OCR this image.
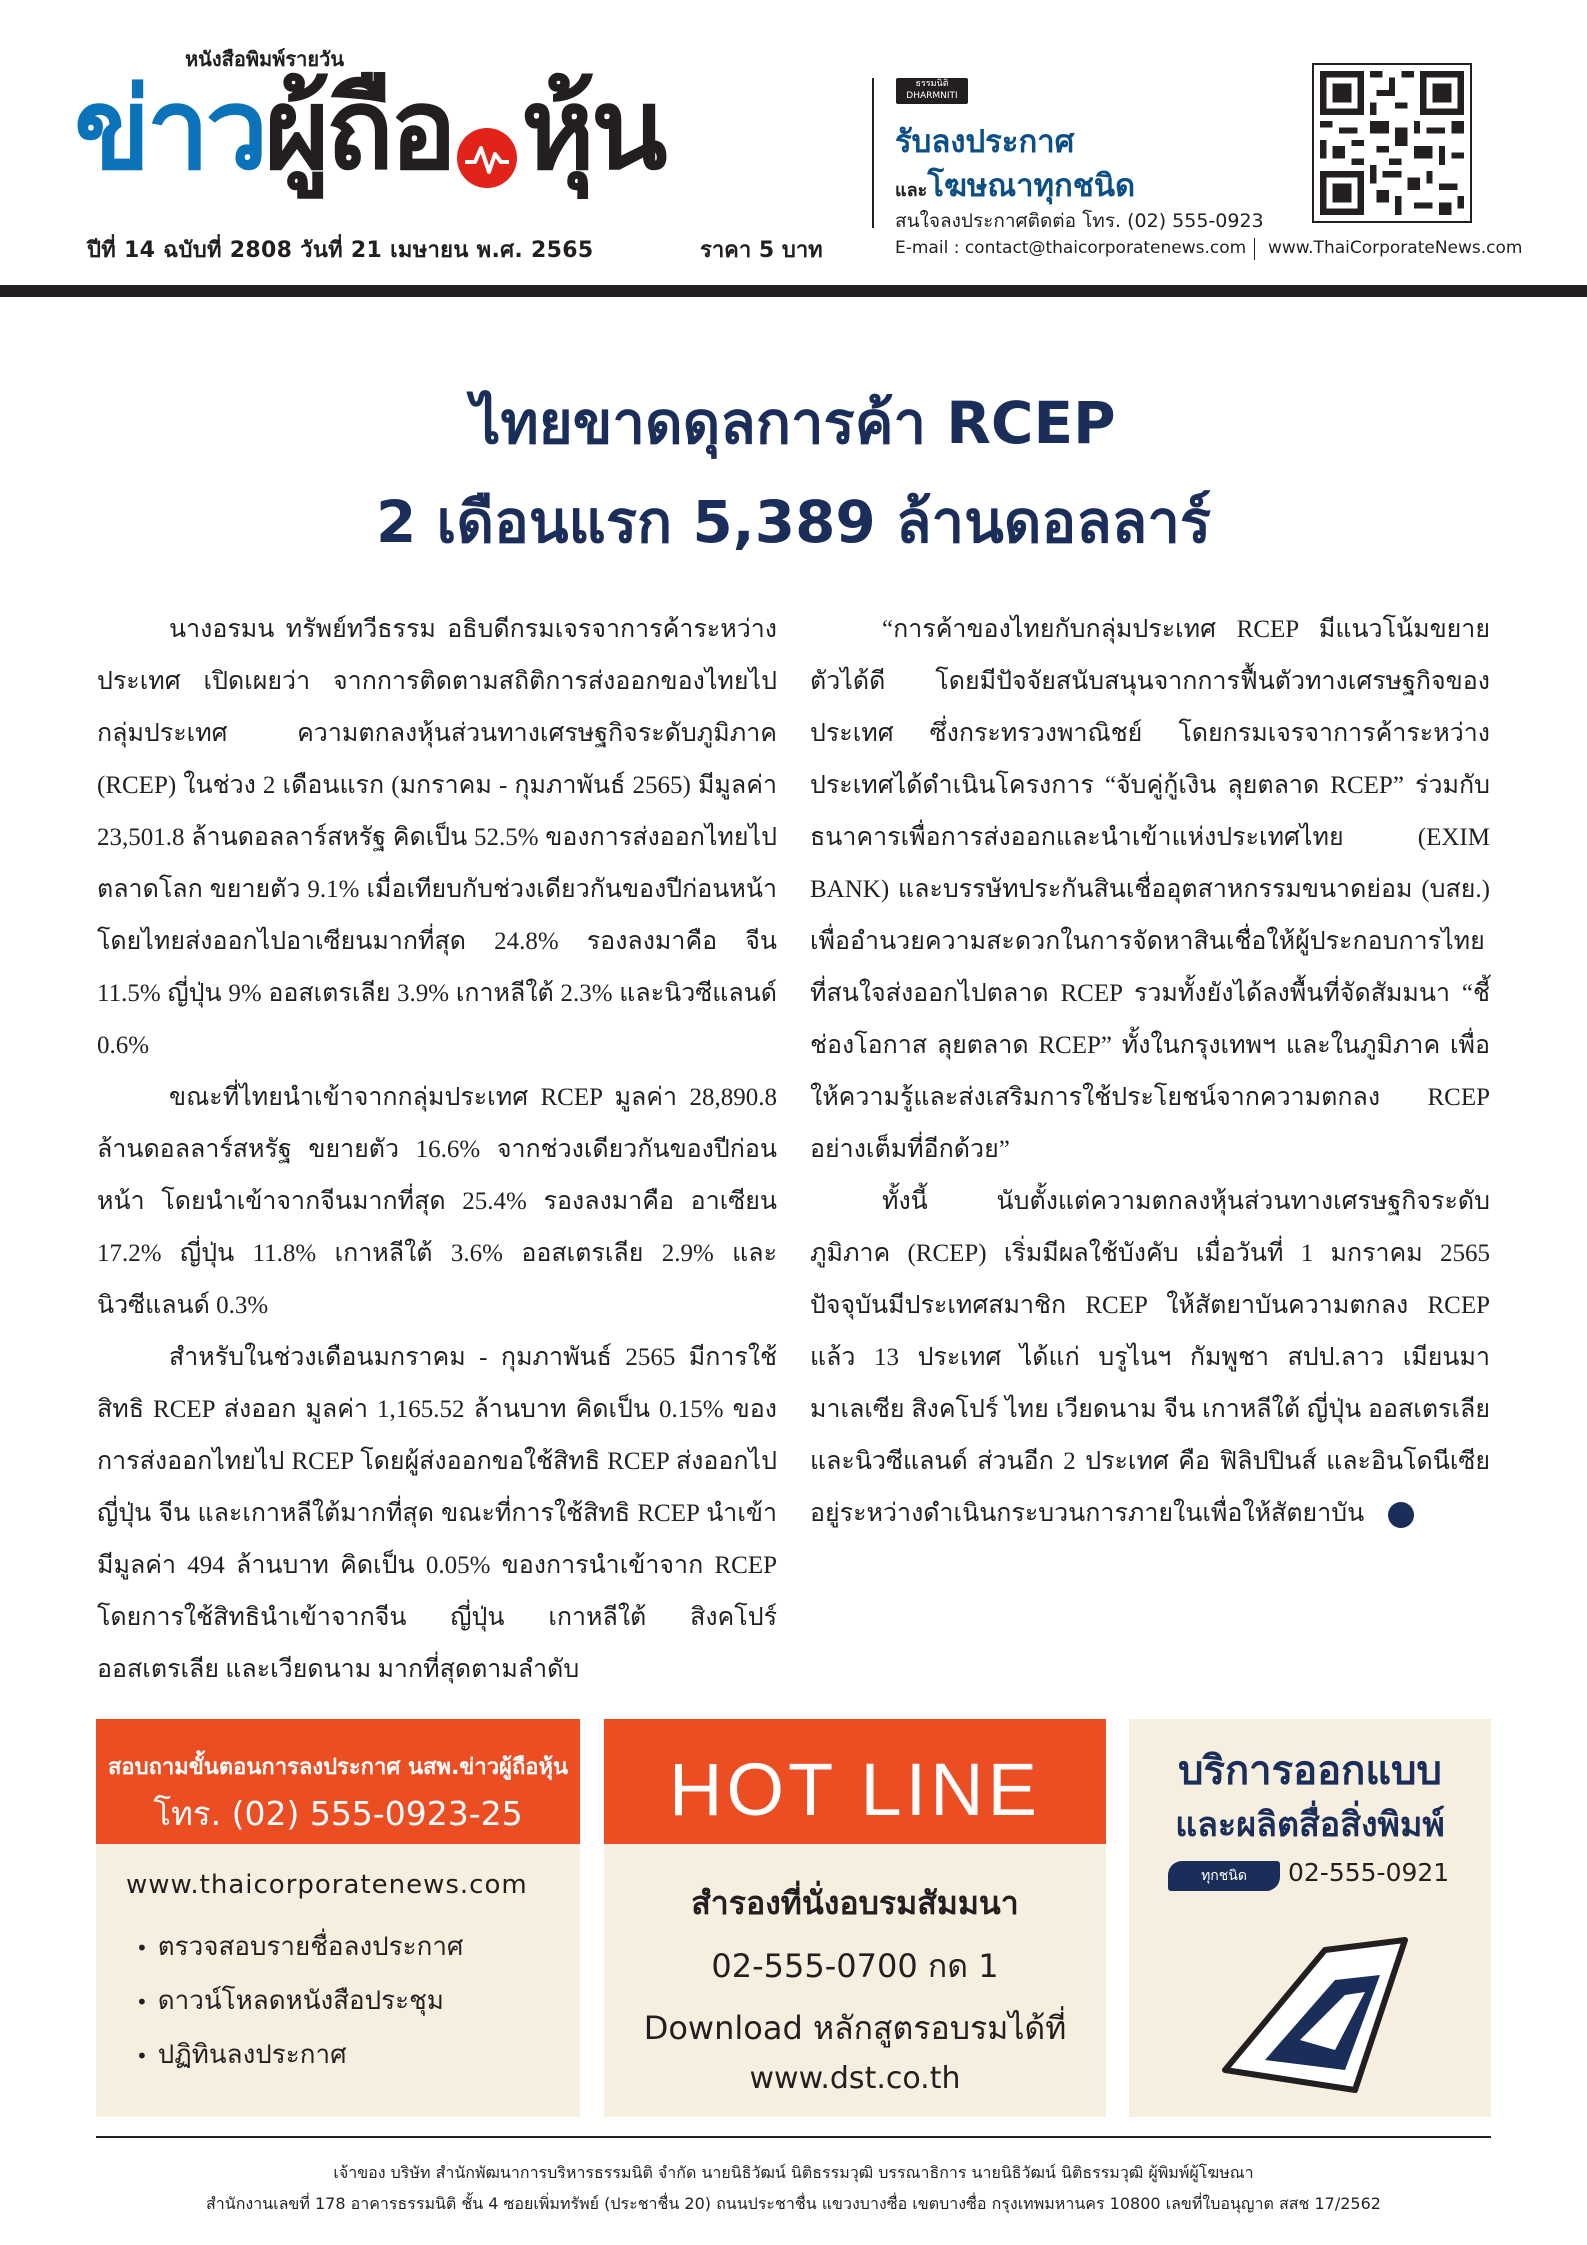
หนังสือพิมพ์รายวัน
ข่าวผู้ถือ หุ้น
ปีที่ 14 ฉบับที่ 2808 วันที่ 21 เมษายน พ.ศ. 2565	ราคา 5 บาท
ธรรมนิติ DHARMNITI
รับลงประกาศ
และโฆษณาทุกชนิด
สนใจลงประกาศติดต่อ โทร. (02) 555-0923
E-mail : contact@thaicorporatenews.com www.ThaiCorporateNews.com
ไทยขาดดุลการค้า RCEP
2 เดือนแรก 5,389 ล้านดอลลาร์

นางอรมน ทรัพย์ทวีธรรม อธิบดีกรมเจรจาการค้าระหว่างประเทศ เปิดเผยว่า จากการติดตามสถิติการส่งออกของไทยไปกลุ่มประเทศ ความตกลงหุ้นส่วนทางเศรษฐกิจระดับภูมิภาค (RCEP) ในช่วง 2 เดือนแรก (มกราคม - กุมภาพันธ์ 2565) มีมูลค่า 23,501.8 ล้านดอลลาร์สหรัฐ คิดเป็น 52.5% ของการส่งออกไทยไปตลาดโลก ขยายตัว 9.1% เมื่อเทียบกับช่วงเดียวกันของปีก่อนหน้า โดยไทยส่งออกไปอาเซียนมากที่สุด 24.8% รองลงมาคือ จีน 11.5% ญี่ปุ่น 9% ออสเตรเลีย 3.9% เกาหลีใต้ 2.3% และนิวซีแลนด์ 0.6%

ขณะที่ไทยนำเข้าจากกลุ่มประเทศ RCEP มูลค่า 28,890.8 ล้านดอลลาร์สหรัฐ ขยายตัว 16.6% จากช่วงเดียวกันของปีก่อนหน้า โดยนำเข้าจากจีนมากที่สุด 25.4% รองลงมาคือ อาเซียน 17.2% ญี่ปุ่น 11.8% เกาหลีใต้ 3.6% ออสเตรเลีย 2.9% และนิวซีแลนด์ 0.3%

สำหรับในช่วงเดือนมกราคม - กุมภาพันธ์ 2565 มีการใช้สิทธิ RCEP ส่งออก มูลค่า 1,165.52 ล้านบาท คิดเป็น 0.15% ของการส่งออกไทยไป RCEP โดยผู้ส่งออกขอใช้สิทธิ RCEP ส่งออกไปญี่ปุ่น จีน และเกาหลีใต้มากที่สุด ขณะที่การใช้สิทธิ RCEP นำเข้ามีมูลค่า 494 ล้านบาท คิดเป็น 0.05% ของการนำเข้าจาก RCEP โดยการใช้สิทธินำเข้าจากจีน ญี่ปุ่น เกาหลีใต้ สิงคโปร์ ออสเตรเลีย และเวียดนาม มากที่สุดตามลำดับ

“การค้าของไทยกับกลุ่มประเทศ RCEP มีแนวโน้มขยายตัวได้ดี โดยมีปัจจัยสนับสนุนจากการฟื้นตัวทางเศรษฐกิจของประเทศ ซึ่งกระทรวงพาณิชย์ โดยกรมเจรจาการค้าระหว่างประเทศได้ดำเนินโครงการ “จับคู่กู้เงิน ลุยตลาด RCEP” ร่วมกับธนาคารเพื่อการส่งออกและนำเข้าแห่งประเทศไทย (EXIM BANK) และบรรษัทประกันสินเชื่ออุตสาหกรรมขนาดย่อม (บสย.) เพื่ออำนวยความสะดวกในการจัดหาสินเชื่อให้ผู้ประกอบการไทยที่สนใจส่งออกไปตลาด RCEP รวมทั้งยังได้ลงพื้นที่จัดสัมมนา “ชี้ช่องโอกาส ลุยตลาด RCEP” ทั้งในกรุงเทพฯ และในภูมิภาค เพื่อให้ความรู้และส่งเสริมการใช้ประโยชน์จากความตกลง RCEP อย่างเต็มที่อีกด้วย”

ทั้งนี้ นับตั้งแต่ความตกลงหุ้นส่วนทางเศรษฐกิจระดับภูมิภาค (RCEP) เริ่มมีผลใช้บังคับ เมื่อวันที่ 1 มกราคม 2565 ปัจจุบันมีประเทศสมาชิก RCEP ให้สัตยาบันความตกลง RCEP แล้ว 13 ประเทศ ได้แก่ บรูไนฯ กัมพูชา สปป.ลาว เมียนมา มาเลเซีย สิงคโปร์ ไทย เวียดนาม จีน เกาหลีใต้ ญี่ปุ่น ออสเตรเลีย และนิวซีแลนด์ ส่วนอีก 2 ประเทศ คือ ฟิลิปปินส์ และอินโดนีเซีย อยู่ระหว่างดำเนินกระบวนการภายในเพื่อให้สัตยาบัน

สอบถามขั้นตอนการลงประกาศ นสพ.ข่าวผู้ถือหุ้น
โทร. (02) 555-0923-25
www.thaicorporatenews.com
• ตรวจสอบรายชื่อลงประกาศ
• ดาวน์โหลดหนังสือประชุม
• ปฏิทินลงประกาศ
HOT LINE
สำรองที่นั่งอบรมสัมมนา
02-555-0700 กด 1
Download หลักสูตรอบรมได้ที่
www.dst.co.th
บริการออกแบบ
และผลิตสื่อสิ่งพิมพ์
ทุกชนิด	02-555-0921
เจ้าของ บริษัท สำนักพัฒนาการบริหารธรรมนิติ จำกัด นายนิธิวัฒน์ นิติธรรมวุฒิ บรรณาธิการ นายนิธิวัฒน์ นิติธรรมวุฒิ ผู้พิมพ์ผู้โฆษณา
สำนักงานเลขที่ 178 อาคารธรรมนิติ ชั้น 4 ซอยเพิ่มทรัพย์ (ประชาชื่น 20) ถนนประชาชื่น แขวงบางซื่อ เขตบางซื่อ กรุงเทพมหานคร 10800 เลขที่ใบอนุญาต สสช 17/2562
